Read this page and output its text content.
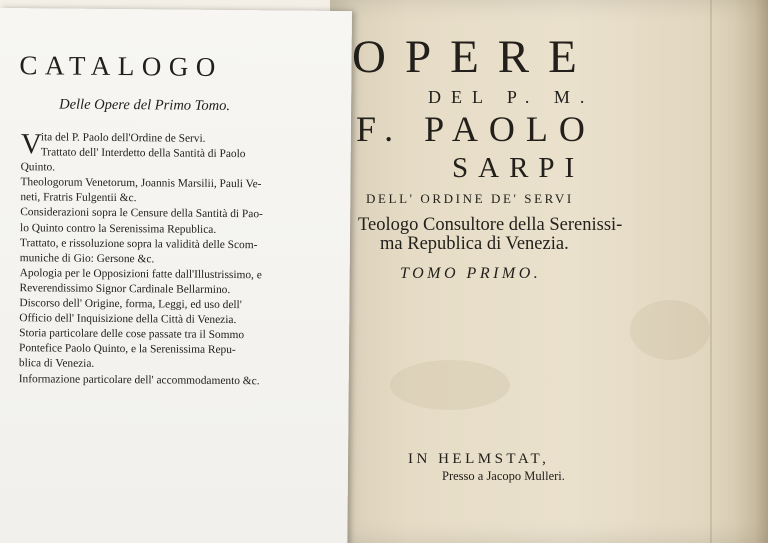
OPERE
DEL P. M.
F. PAOLO
SARPI
DELL' ORDINE DE' SERVI
Teologo Consultore della Serenissi-
ma Republica di Venezia.
TOMO PRIMO.
IN HELMSTAT,
Presso a Jacopo Mulleri.
CATALOGO
Delle Opere del Primo Tomo.
V
ita del P. Paolo dell'Ordine de Servi.
Trattato dell' Interdetto della Santità di Paolo
Quinto.
Theologorum Venetorum, Joannis Marsilii, Pauli Ve-
neti, Fratris Fulgentii &c.
Considerazioni sopra le Censure della Santità di Pao-
lo Quinto contro la Serenissima Republica.
Trattato, e rissoluzione sopra la validità delle Scom-
muniche di Gio: Gersone &c.
Apologia per le Opposizioni fatte dall'Illustrissimo, e
Reverendissimo Signor Cardinale Bellarmino.
Discorso dell' Origine, forma, Leggi, ed uso dell'
Officio dell' Inquisizione della Città di Venezia.
Storia particolare delle cose passate tra il Sommo
Pontefice Paolo Quinto, e la Serenissima Repu-
blica di Venezia.
Informazione particolare dell' accommodamento &c.
